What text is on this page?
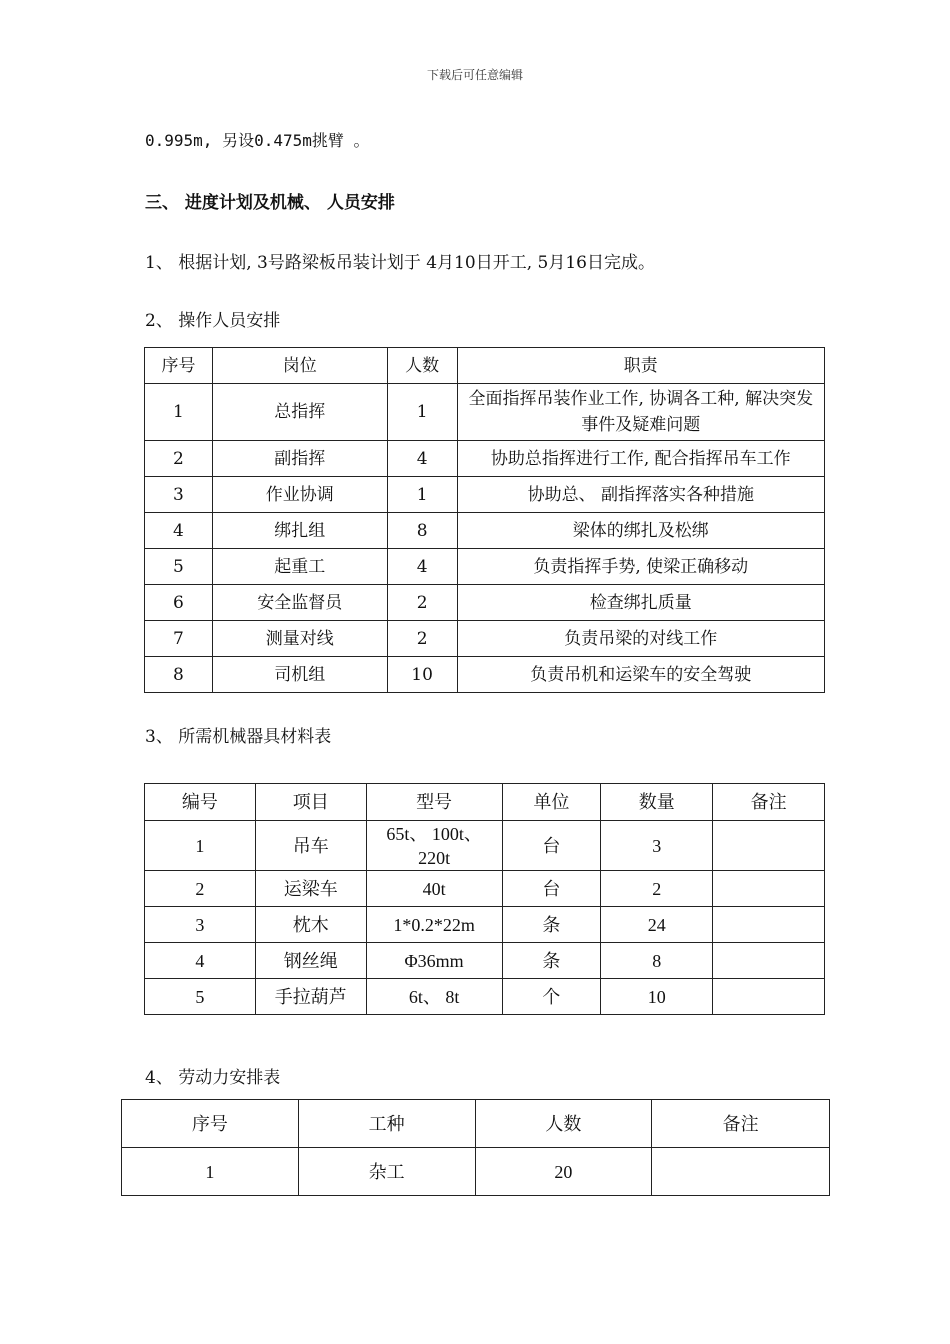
下载后可任意编辑
0.995m, 另设0.475m挑臂 。
三、 进度计划及机械、 人员安排
1、 根据计划, 3号路梁板吊装计划于 4月10日开工, 5月16日完成。
2、 操作人员安排
序号	岗位	人数	职责
1	总指挥	1	全面指挥吊装作业工作, 协调各工种, 解决突发事件及疑难问题
2	副指挥	4	协助总指挥进行工作, 配合指挥吊车工作
3	作业协调	1	协助总、 副指挥落实各种措施
4	绑扎组	8	梁体的绑扎及松绑
5	起重工	4	负责指挥手势, 使梁正确移动
6	安全监督员	2	检查绑扎质量
7	测量对线	2	负责吊梁的对线工作
8	司机组	10	负责吊机和运梁车的安全驾驶
3、 所需机械器具材料表
编号	项目	型号	单位	数量	备注
1	吊车	65t、 100t、 220t	台	3	
2	运梁车	40t	台	2	
3	枕木	1*0.2*22m	条	24	
4	钢丝绳	Φ36mm	条	8	
5	手拉葫芦	6t、 8t	个	10	
4、 劳动力安排表
序号	工种	人数	备注
1	杂工	20	
